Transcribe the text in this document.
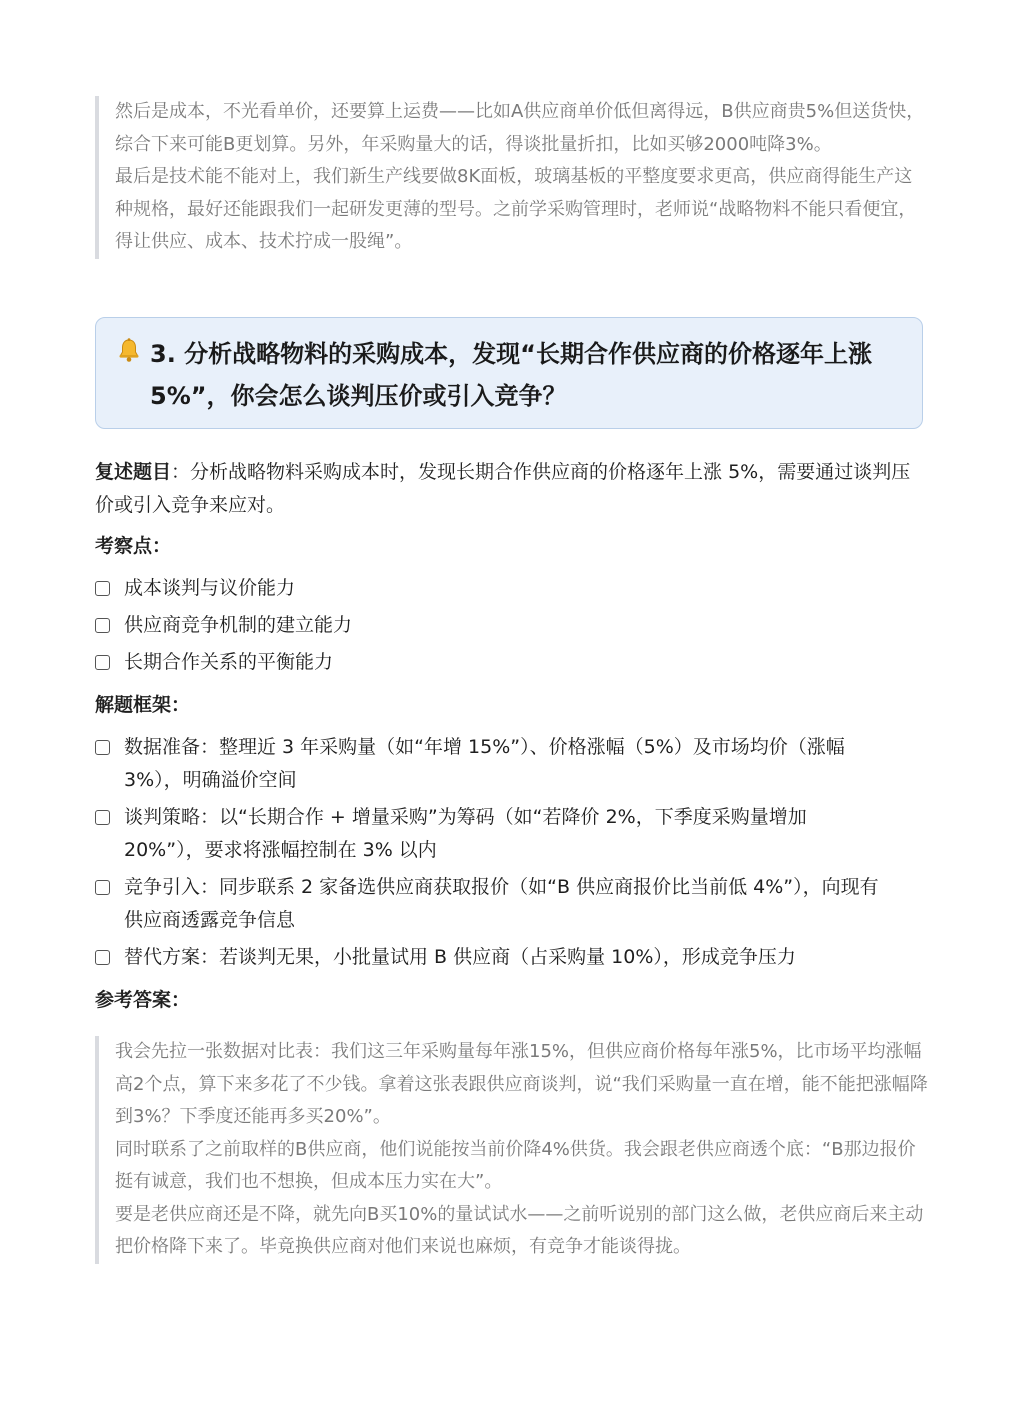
然后是成本，不光看单价，还要算上运费——比如A供应商单价低但离得远，B供应商贵5%但送货快，综合下来可能B更划算。另外，年采购量大的话，得谈批量折扣，比如买够2000吨降3%。

最后是技术能不能对上，我们新生产线要做8K面板，玻璃基板的平整度要求更高，供应商得能生产这种规格，最好还能跟我们一起研发更薄的型号。之前学采购管理时，老师说“战略物料不能只看便宜，得让供应、成本、技术拧成一股绳”。

3. 分析战略物料的采购成本，发现“长期合作供应商的价格逐年上涨 5%”，你会怎么谈判压价或引入竞争？
复述题目：分析战略物料采购成本时，发现长期合作供应商的价格逐年上涨 5%，需要通过谈判压价或引入竞争来应对。
考察点：
成本谈判与议价能力
供应商竞争机制的建立能力
长期合作关系的平衡能力
解题框架：
数据准备：整理近 3 年采购量（如“年增 15%”）、价格涨幅（5%）及市场均价（涨幅 3%），明确溢价空间
谈判策略：以“长期合作 + 增量采购”为筹码（如“若降价 2%，下季度采购量增加 20%”），要求将涨幅控制在 3% 以内
竞争引入：同步联系 2 家备选供应商获取报价（如“B 供应商报价比当前低 4%”），向现有供应商透露竞争信息
替代方案：若谈判无果，小批量试用 B 供应商（占采购量 10%），形成竞争压力
参考答案：

我会先拉一张数据对比表：我们这三年采购量每年涨15%，但供应商价格每年涨5%，比市场平均涨幅高2个点，算下来多花了不少钱。拿着这张表跟供应商谈判，说“我们采购量一直在增，能不能把涨幅降到3%？下季度还能再多买20%”。

同时联系了之前取样的B供应商，他们说能按当前价降4%供货。我会跟老供应商透个底：“B那边报价挺有诚意，我们也不想换，但成本压力实在大”。

要是老供应商还是不降，就先向B买10%的量试试水——之前听说别的部门这么做，老供应商后来主动把价格降下来了。毕竟换供应商对他们来说也麻烦，有竞争才能谈得拢。
